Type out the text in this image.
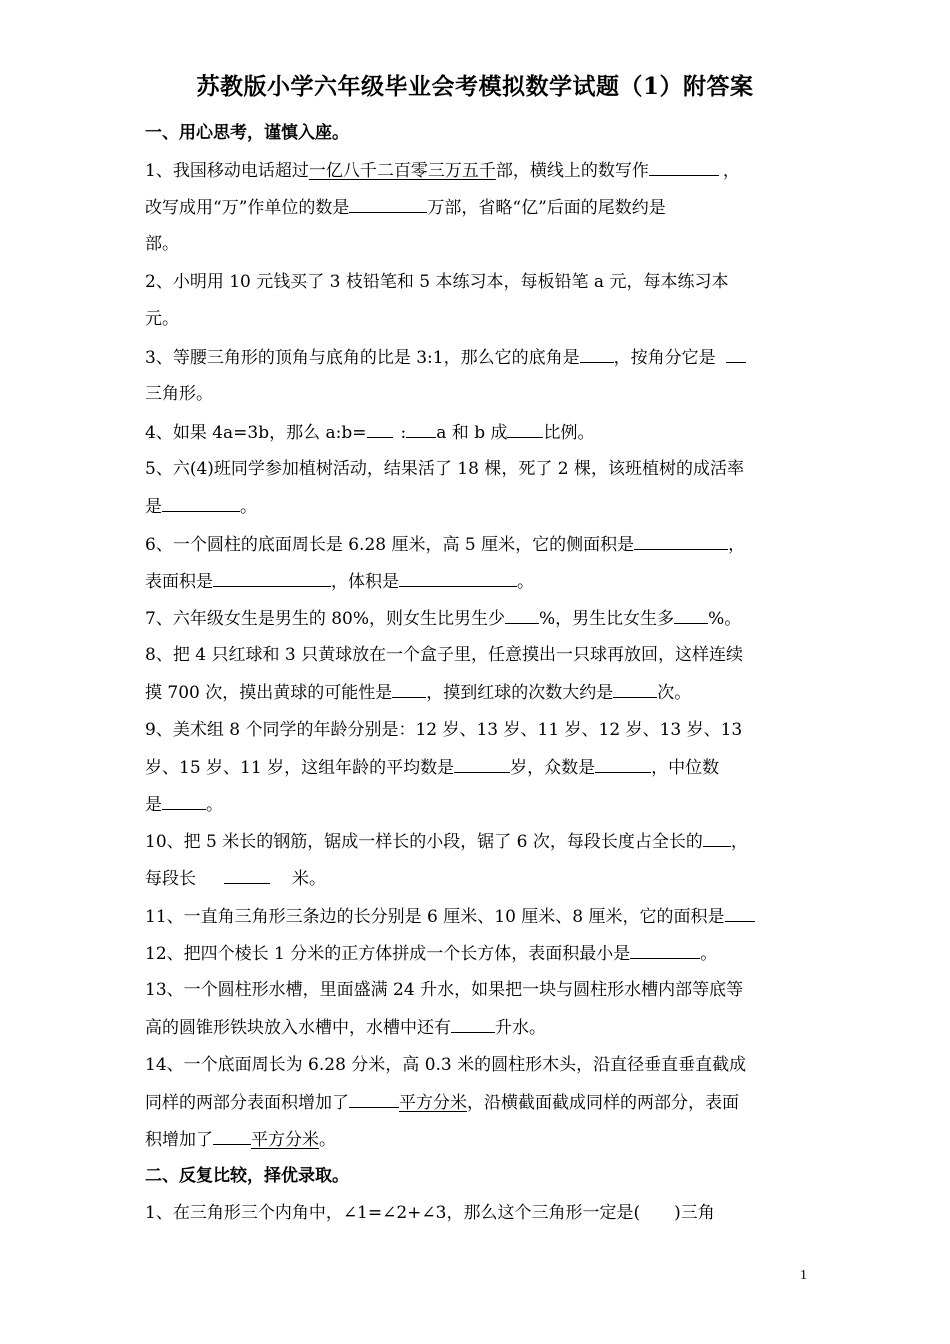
苏教版小学六年级毕业会考模拟数学试题（1）附答案
一、用心思考，谨慎入座。
1、我国移动电话超过一亿八千二百零三万五千部，横线上的数写作	，
改写成用“万”作单位的数是	万部，省略“亿”后面的尾数约是
部。
2、小明用 10 元钱买了 3 枝铅笔和 5 本练习本，每板铅笔 a 元，每本练习本
元。
3、等腰三角形的顶角与底角的比是 3:1，那么它的底角是 ，按角分它是
三角形。
4、如果 4a=3b，那么 a:b= : a 和 b 成 比例。
5、六(4)班同学参加植树活动，结果活了 18 棵，死了 2 棵，该班植树的成活率
是	。
6、一个圆柱的底面周长是 6.28 厘米，高 5 厘米，它的侧面积是	，
表面积是	，体积是	。
7、六年级女生是男生的 80%，则女生比男生少 %，男生比女生多 %。
8、把 4 只红球和 3 只黄球放在一个盒子里，任意摸出一只球再放回，这样连续
摸 700 次，摸出黄球的可能性是 ，摸到红球的次数大约是	次。
9、美术组 8 个同学的年龄分别是：12 岁、13 岁、11 岁、12 岁、13 岁、13
岁、15 岁、11 岁，这组年龄的平均数是	岁，众数是	，中位数
是	。
10、把 5 米长的钢筋，锯成一样长的小段，锯了 6 次，每段长度占全长的 ，
每段长	米。
11、一直角三角形三条边的长分别是 6 厘米、10 厘米、8 厘米，它的面积是
12、把四个棱长 1 分米的正方体拼成一个长方体，表面积最小是	。
13、一个圆柱形水槽，里面盛满 24 升水，如果把一块与圆柱形水槽内部等底等
高的圆锥形铁块放入水槽中，水槽中还有	升水。
14、一个底面周长为 6.28 分米，高 0.3 米的圆柱形木头，沿直径垂直垂直截成
同样的两部分表面积增加了	平方分米，沿横截面截成同样的两部分，表面
积增加了 平方分米。
二、反复比较，择优录取。
1、在三角形三个内角中，∠1=∠2+∠3，那么这个三角形一定是( )三角
1
